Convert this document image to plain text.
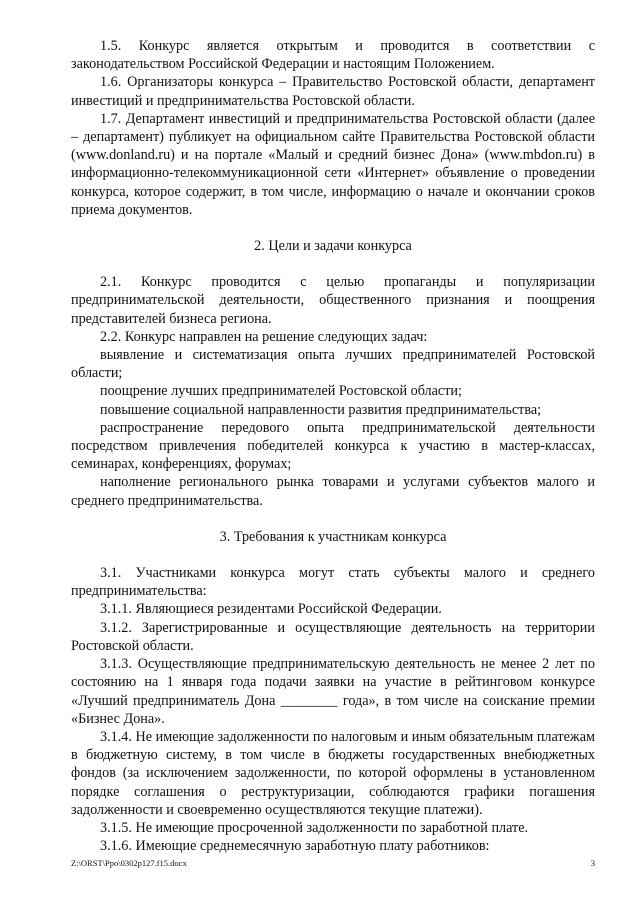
1.5. Конкурс является открытым и проводится в соответствии с законодательством Российской Федерации и настоящим Положением.

1.6. Организаторы конкурса – Правительство Ростовской области, департамент инвестиций и предпринимательства Ростовской области.

1.7. Департамент инвестиций и предпринимательства Ростовской области (далее – департамент) публикует на официальном сайте Правительства Ростовской области (www.donland.ru) и на портале «Малый и средний бизнес Дона» (www.mbdon.ru) в информационно-телекоммуникационной сети «Интернет» объявление о проведении конкурса, которое содержит, в том числе, информацию о начале и окончании сроков приема документов.

2. Цели и задачи конкурса

2.1. Конкурс проводится с целью пропаганды и популяризации предпринимательской деятельности, общественного признания и поощрения представителей бизнеса региона.

2.2. Конкурс направлен на решение следующих задач:

выявление и систематизация опыта лучших предпринимателей Ростовской области;

поощрение лучших предпринимателей Ростовской области;

повышение социальной направленности развития предпринимательства;

распространение передового опыта предпринимательской деятельности посредством привлечения победителей конкурса к участию в мастер-классах, семинарах, конференциях, форумах;

наполнение регионального рынка товарами и услугами субъектов малого и среднего предпринимательства.

3. Требования к участникам конкурса

3.1. Участниками конкурса могут стать субъекты малого и среднего предпринимательства:

3.1.1. Являющиеся резидентами Российской Федерации.

3.1.2. Зарегистрированные и осуществляющие деятельность на территории Ростовской области.

3.1.3. Осуществляющие предпринимательскую деятельность не менее 2 лет по состоянию на 1 января года подачи заявки на участие в рейтинговом конкурсе «Лучший предприниматель Дона ________ года», в том числе на соискание премии «Бизнес Дона».

3.1.4. Не имеющие задолженности по налоговым и иным обязательным платежам в бюджетную систему, в том числе в бюджеты государственных внебюджетных фондов (за исключением задолженности, по которой оформлены в установленном порядке соглашения о реструктуризации, соблюдаются графики погашения задолженности и своевременно осуществляются текущие платежи).

3.1.5. Не имеющие просроченной задолженности по заработной плате.

3.1.6. Имеющие среднемесячную заработную плату работников:

Z:\ORST\Ppo\0302p127.f15.docx	3
